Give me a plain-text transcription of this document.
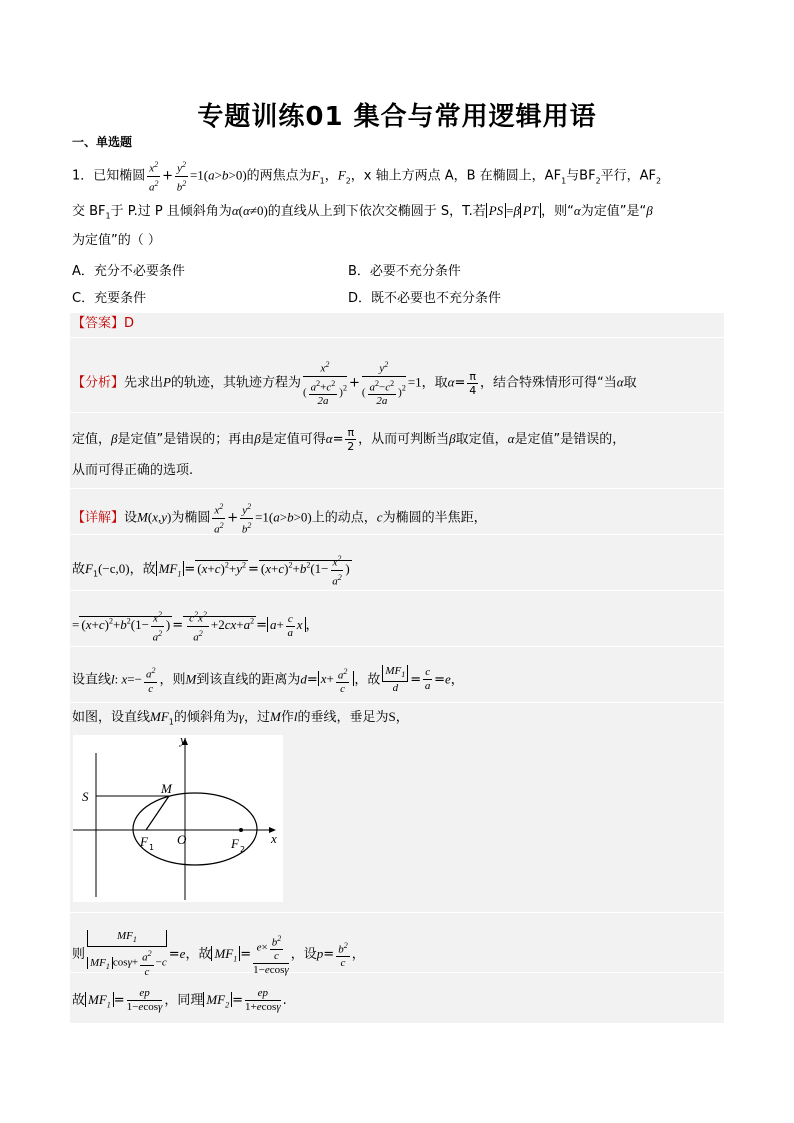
专题训练01 集合与常用逻辑用语
一、单选题
1．已知椭圆 $\frac{x^2}{a^2} + \frac{y^2}{b^2} =1(a>b>0)$的两焦点为$F_1$，$F_2$，x 轴上方两点 A，B 在椭圆上，$AF_1$与$BF_2$平行，$AF_2$
交 $BF_1$于 P.过 P 且倾斜角为α(α≠0)的直线从上到下依次交椭圆于 S，T.若 PS =β PT ，则“α为定值”是“β
为定值”的（ ）
A．充分不必要条件	B．必要不充分条件
C．充要条件	D．既不必要也不充分条件
【答案】D
【分析】先求出P的轨迹，其轨迹方程为 $\frac{x^2}{( \frac{a^2+c^2}{2a} )^2} + \frac{y^2}{( \frac{a^2-c^2}{2a} )^2} =1$，取$\alpha= \frac{\pi}{4}$ ，结合特殊情形可得“当α取
定值，β是定值”是错误的；再由β是定值可得$\alpha= \frac{\pi}{2}$ ，从而可判断当β取定值，α是定值”是错误的，
从而可得正确的选项.
【详解】设M(x,y)为椭圆 $\frac{x^2}{a^2} + \frac{y^2}{b^2} =1(a>b>0)$上的动点，c为椭圆的半焦距，
故$F_1(-c,0)$，故 $MF_1 = (x+c)^2+y^2 = (x+c)^2+b^2(1- \frac{x^2}{a^2}$ )
= $(x+c)^2+b^2(1- \frac{x^2}{a^2}$ ) = $\frac{c^2x^2}{a^2} +2cx+a^2 = a+ \frac{c}{a}$ x ，
设直线l: $x=- \frac{a^2}{c}$ ，则M到该直线的距离为$d= x+ \frac{a^2}{c}$ ，故 $\frac{MF_1}{d} = \frac{c}{a} =e$，
如图，设直线$MF_1$的倾斜角为γ，过M作l的垂线，垂足为S，
y
x
S
M
O
F 1	F 2
则 $\frac{MF_1}{MF_1 \cos\gamma+ \frac{a^2}{c} -c} =e$，故 $MF_1 = \frac{e\times \frac{b^2}{c}}{1-ecos\gamma}$ ，设$p= \frac{b^2}{c}$ ，
故 $MF_1 = \frac{ep}{1-ecos\gamma}$ ，同理 $MF_2 = \frac{ep}{1+ecos\gamma}$ .
